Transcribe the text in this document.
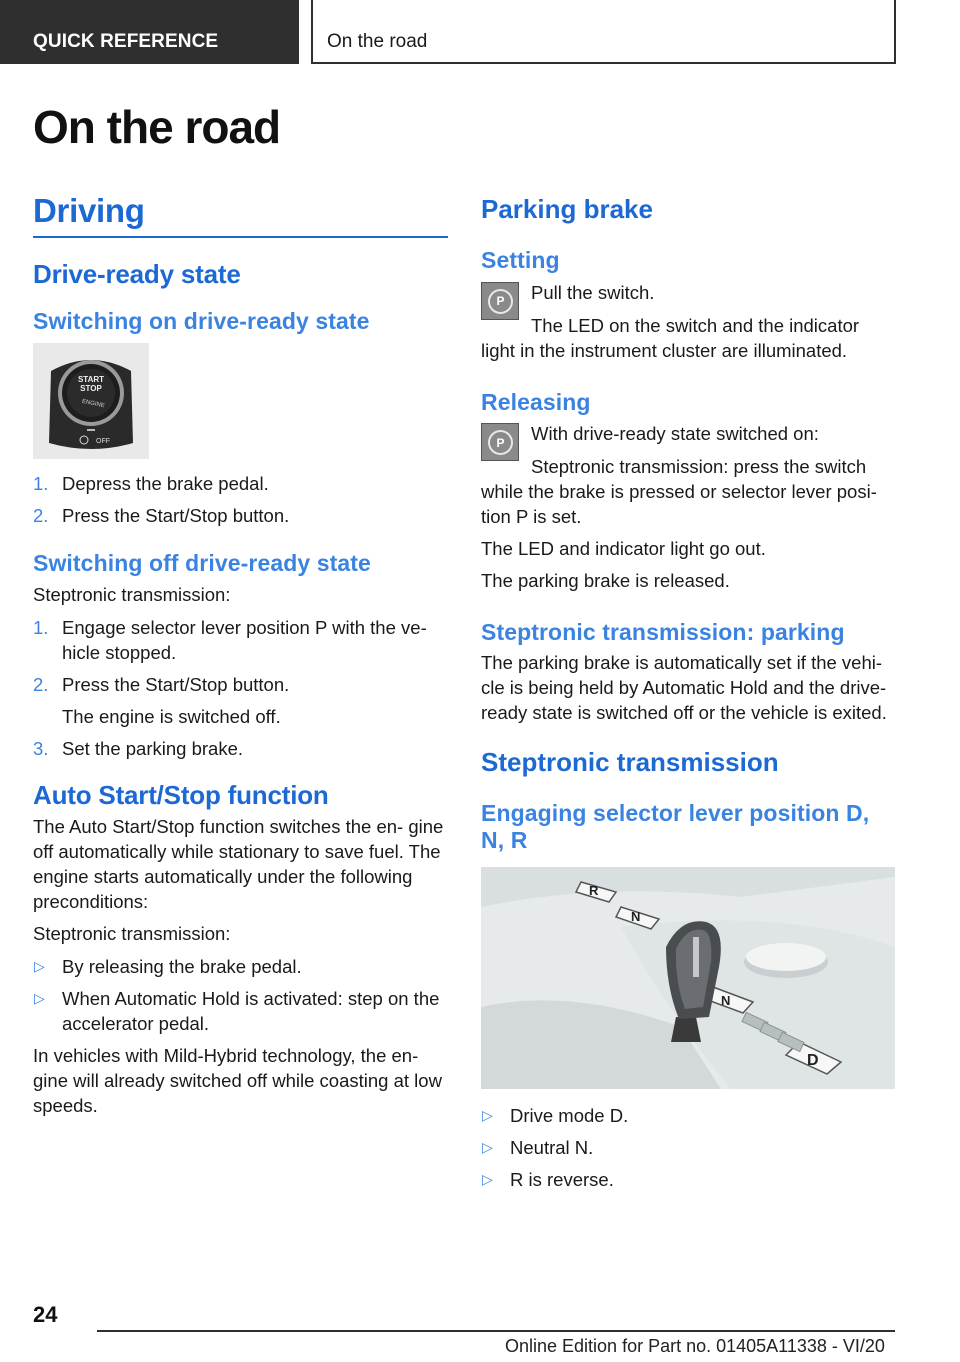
QUICK REFERENCE	On the road
On the road
Driving
Drive-ready state
Switching on drive-ready state
START
STOP
ENGINE
OFF
1. Depress the brake pedal.
2. Press the Start/Stop button.
Switching off drive-ready state

Steptronic transmission:

1. Engage selector lever position P with the ve‐ hicle stopped.
2. Press the Start/Stop button.
The engine is switched off.
3. Set the parking brake.
Auto Start/Stop function

The Auto Start/Stop function switches the en‐ gine off automatically while stationary to save fuel. The engine starts automatically under the following preconditions:

Steptronic transmission:

▷ By releasing the brake pedal.
▷ When Automatic Hold is activated: step on the accelerator pedal.

In vehicles with Mild-Hybrid technology, the en‐ gine will already switched off while coasting at low speeds.

Parking brake
Setting
P	Pull the switch.

The LED on the switch and the indicator

light in the instrument cluster are illuminated.

Releasing
P	With drive-ready state switched on:

Steptronic transmission: press the switch

while the brake is pressed or selector lever posi‐ tion P is set.

The LED and indicator light go out.

The parking brake is released.

Steptronic transmission: parking

The parking brake is automatically set if the vehi‐ cle is being held by Automatic Hold and the drive-ready state is switched off or the vehicle is exited.

Steptronic transmission
Engaging selector lever position D, N, R
R
N
N
D
▷ Drive mode D.
▷ Neutral N.
▷ R is reverse.
24
Online Edition for Part no. 01405A11338 - VI/20
